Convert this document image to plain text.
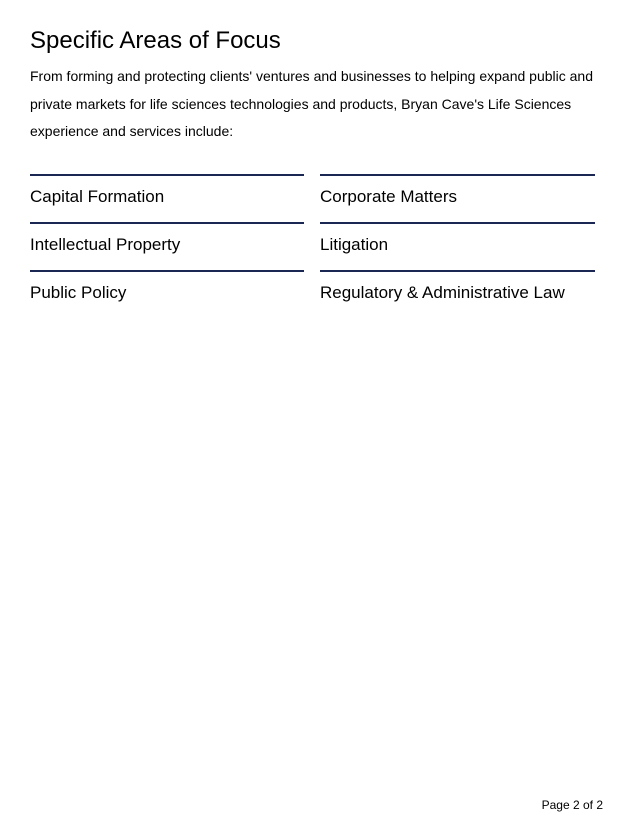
Specific Areas of Focus

From forming and protecting clients' ventures and businesses to helping expand public and private markets for life sciences technologies and products, Bryan Cave's Life Sciences experience and services include:

Capital Formation	Corporate Matters
Intellectual Property	Litigation
Public Policy	Regulatory & Administrative Law
Page 2 of 2
